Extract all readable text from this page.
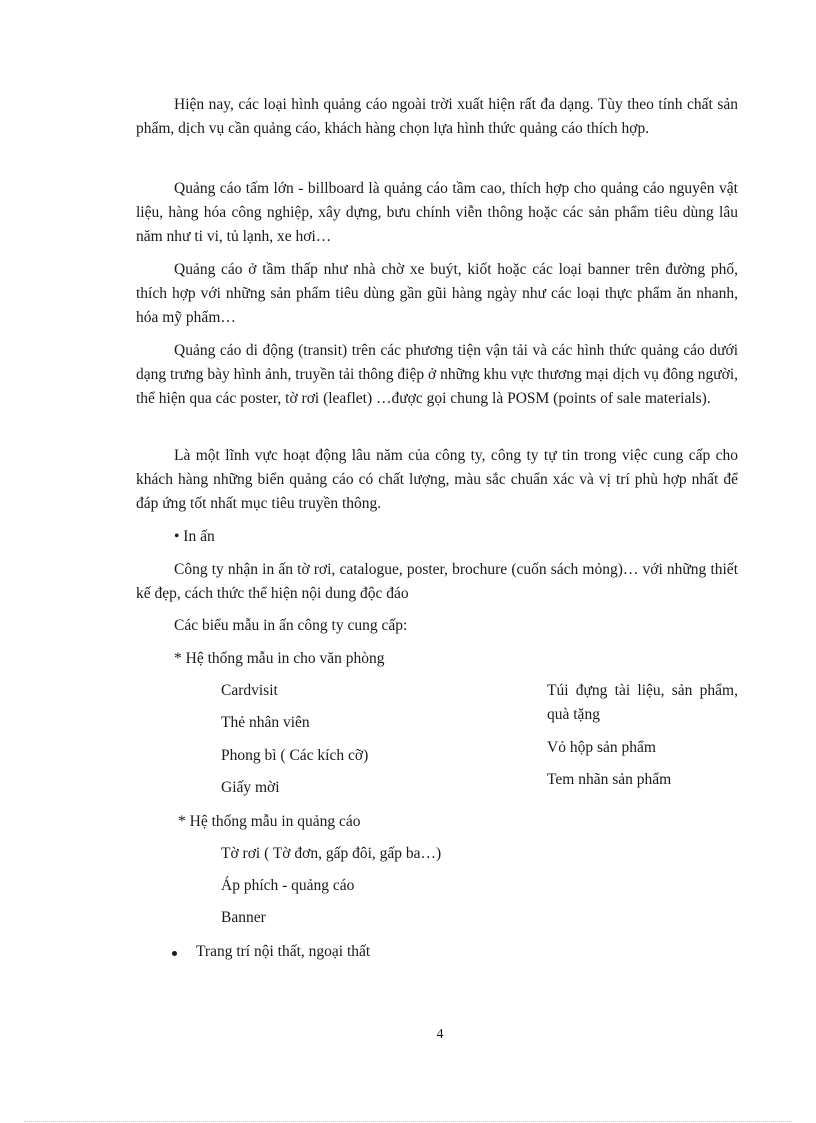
Hiện nay, các loại hình quảng cáo ngoài trời xuất hiện rất đa dạng. Tùy theo tính chất sản phẩm, dịch vụ cần quảng cáo, khách hàng chọn lựa hình thức quảng cáo thích hợp.

Quảng cáo tấm lớn - billboard là quảng cáo tầm cao, thích hợp cho quảng cáo nguyên vật liệu, hàng hóa công nghiệp, xây dựng, bưu chính viễn thông hoặc các sản phẩm tiêu dùng lâu năm như ti vi, tủ lạnh, xe hơi…

Quảng cáo ở tầm thấp như nhà chờ xe buýt, kiốt hoặc các loại banner trên đường phố, thích hợp với những sản phẩm tiêu dùng gần gũi hàng ngày như các loại thực phẩm ăn nhanh, hóa mỹ phẩm…

Quảng cáo di động (transit) trên các phương tiện vận tải và các hình thức quảng cáo dưới dạng trưng bày hình ảnh, truyền tải thông điệp ở những khu vực thương mại dịch vụ đông người, thể hiện qua các poster, tờ rơi (leaflet) …được gọi chung là POSM (points of sale materials).

Là một lĩnh vực hoạt động lâu năm của công ty, công ty tự tin trong việc cung cấp cho khách hàng những biển quảng cáo có chất lượng, màu sắc chuẩn xác và vị trí phù hợp nhất để đáp ứng tốt nhất mục tiêu truyền thông.

• In ấn

Công ty nhận in ấn tờ rơi, catalogue, poster, brochure (cuốn sách mỏng)… với những thiết kế đẹp, cách thức thể hiện nội dung độc đáo

Các biểu mẫu in ấn công ty cung cấp:

* Hệ thống mẫu in cho văn phòng

Cardvisit

Thẻ nhân viên

Phong bì ( Các kích cỡ)

Giấy mời

Túi đựng tài liệu, sản phẩm, quà tặng

Vỏ hộp sản phẩm

Tem nhãn sản phẩm

* Hệ thống mẫu in quảng cáo

Tờ rơi ( Tờ đơn, gấp đôi, gấp ba…)

Áp phích - quảng cáo

Banner

Trang trí nội thất, ngoại thất

4
